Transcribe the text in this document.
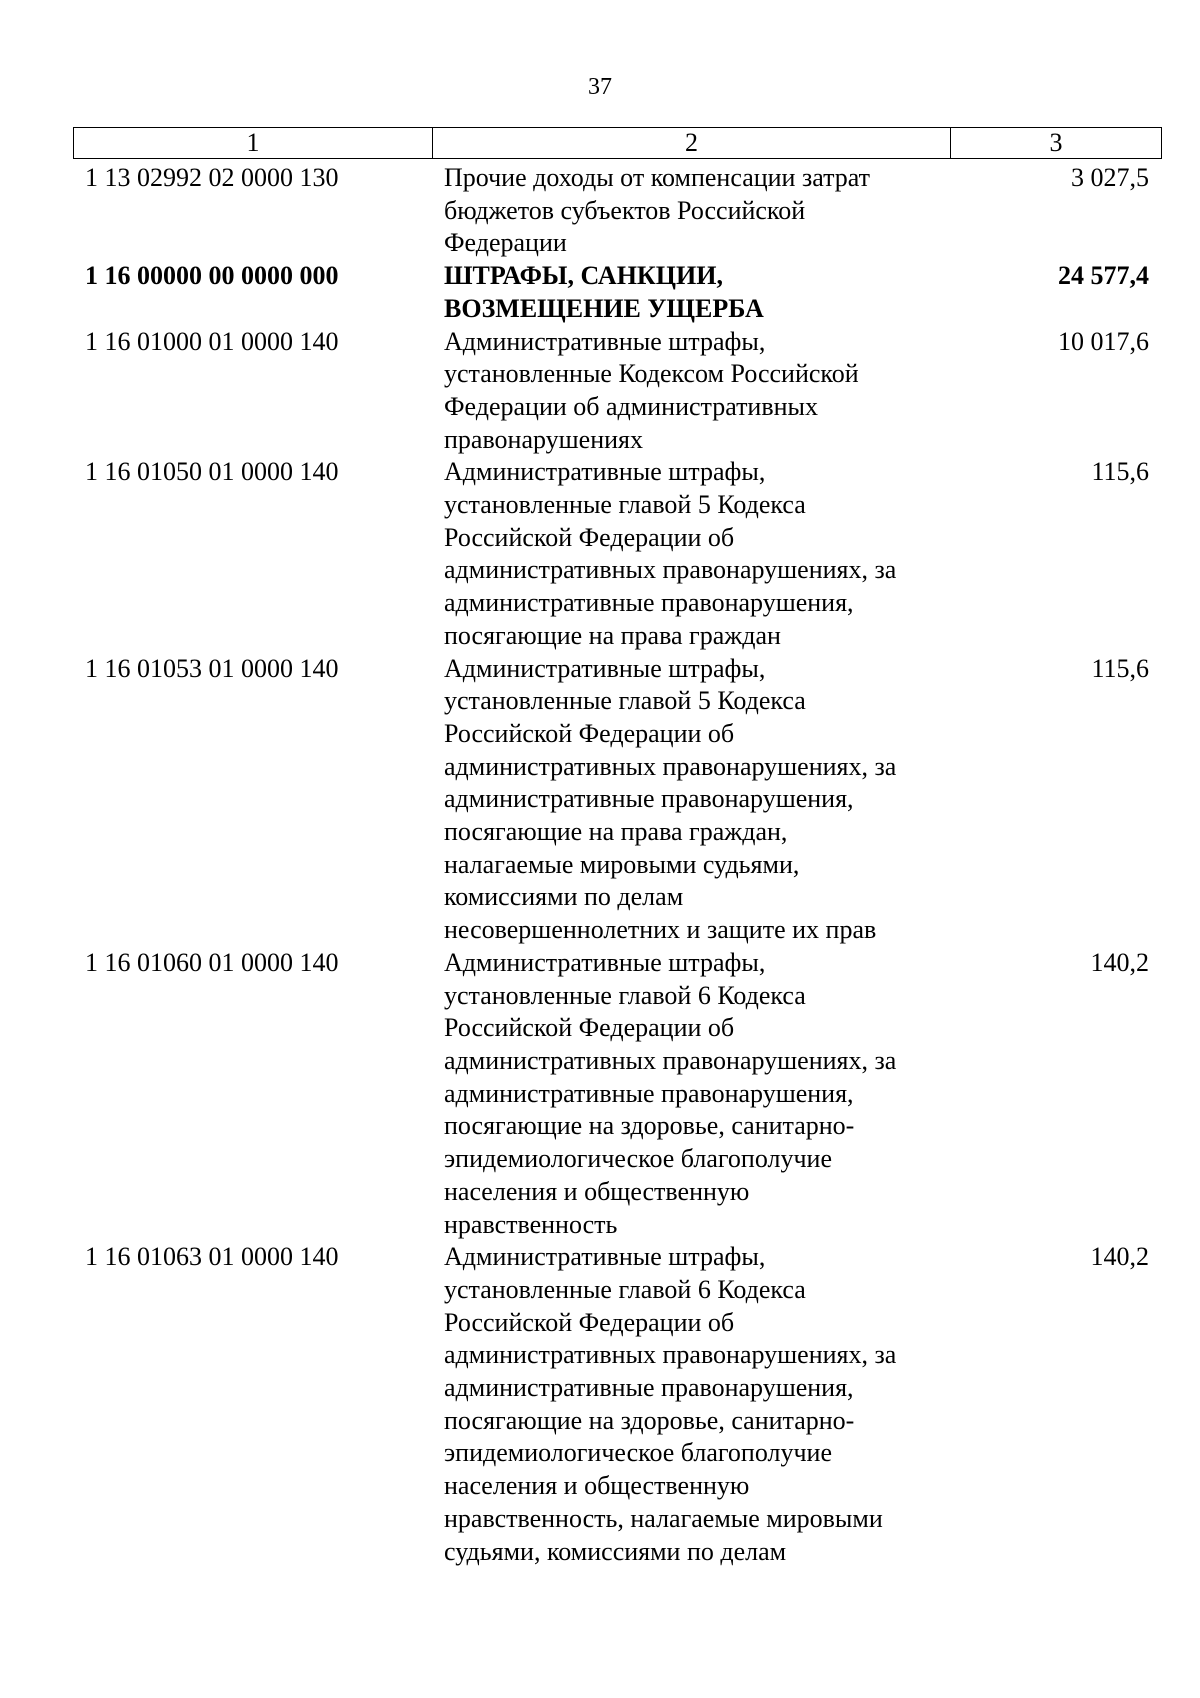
37
1	2	3
1 13 02992 02 0000 130	Прочие доходы от компенсации затрат
бюджетов субъектов Российской
Федерации
3 027,5
1 16 00000 00 0000 000	ШТРАФЫ, САНКЦИИ,
ВОЗМЕЩЕНИЕ УЩЕРБА
24 577,4
1 16 01000 01 0000 140	Административные штрафы,
установленные Кодексом Российской
Федерации об административных
правонарушениях
10 017,6
1 16 01050 01 0000 140	Административные штрафы,
установленные главой 5 Кодекса
Российской Федерации об
административных правонарушениях, за
административные правонарушения,
посягающие на права граждан
115,6
1 16 01053 01 0000 140	Административные штрафы,
установленные главой 5 Кодекса
Российской Федерации об
административных правонарушениях, за
административные правонарушения,
посягающие на права граждан,
налагаемые мировыми судьями,
комиссиями по делам
несовершеннолетних и защите их прав
115,6
1 16 01060 01 0000 140	Административные штрафы,
установленные главой 6 Кодекса
Российской Федерации об
административных правонарушениях, за
административные правонарушения,
посягающие на здоровье, санитарно-
эпидемиологическое благополучие
населения и общественную
нравственность
140,2
1 16 01063 01 0000 140	Административные штрафы,
установленные главой 6 Кодекса
Российской Федерации об
административных правонарушениях, за
административные правонарушения,
посягающие на здоровье, санитарно-
эпидемиологическое благополучие
населения и общественную
нравственность, налагаемые мировыми
судьями, комиссиями по делам
140,2
